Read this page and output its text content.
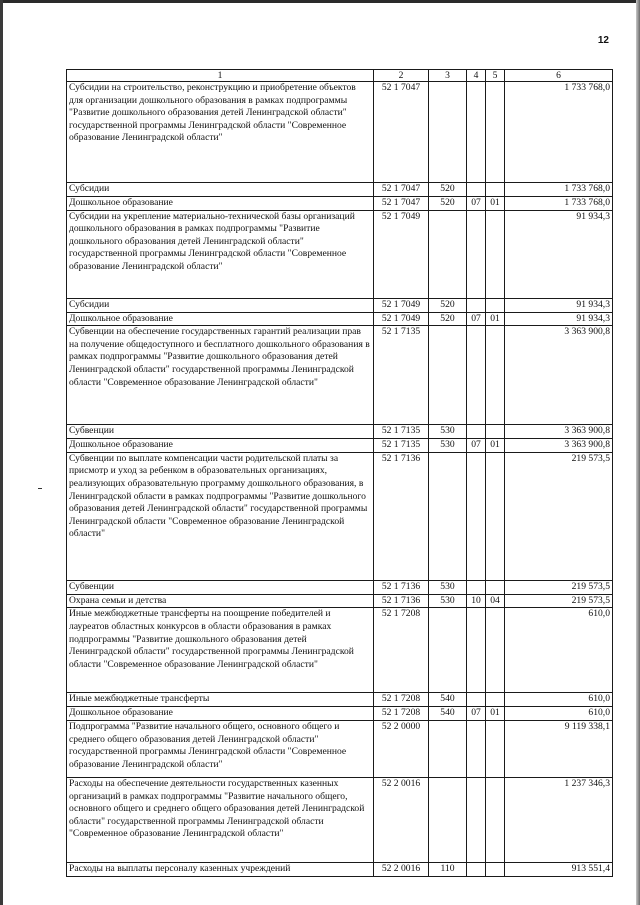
12
1	2	3	4	5	6
Субсидии на строительство, реконструкцию и приобретение объектов для организации дошкольного образования в рамках подпрограммы "Развитие дошкольного образования детей Ленинградской области" государственной программы Ленинградской области "Современное образование Ленинградской области"	52 1 7047				1 733 768,0
Субсидии	52 1 7047	520			1 733 768,0
Дошкольное образование	52 1 7047	520	07	01	1 733 768,0
Субсидии на укрепление материально-технической базы организаций дошкольного образования в рамках подпрограммы "Развитие дошкольного образования детей Ленинградской области" государственной программы Ленинградской области "Современное образование Ленинградской области"	52 1 7049				91 934,3
Субсидии	52 1 7049	520			91 934,3
Дошкольное образование	52 1 7049	520	07	01	91 934,3
Субвенции на обеспечение государственных гарантий реализации прав на получение общедоступного и бесплатного дошкольного образования в рамках подпрограммы "Развитие дошкольного образования детей Ленинградской области" государственной программы Ленинградской области "Современное образование Ленинградской области"	52 1 7135				3 363 900,8
Субвенции	52 1 7135	530			3 363 900,8
Дошкольное образование	52 1 7135	530	07	01	3 363 900,8
Субвенции по выплате компенсации части родительской платы за присмотр и уход за ребенком в образовательных организациях, реализующих образовательную программу дошкольного образования, в Ленинградской области в рамках подпрограммы "Развитие дошкольного образования детей Ленинградской области" государственной программы Ленинградской области "Современное образование Ленинградской области"	52 1 7136				219 573,5
Субвенции	52 1 7136	530			219 573,5
Охрана семьи и детства	52 1 7136	530	10	04	219 573,5
Иные межбюджетные трансферты на поощрение победителей и лауреатов областных конкурсов в области образования в рамках подпрограммы "Развитие дошкольного образования детей Ленинградской области" государственной программы Ленинградской области "Современное образование Ленинградской области"	52 1 7208				610,0
Иные межбюджетные трансферты	52 1 7208	540			610,0
Дошкольное образование	52 1 7208	540	07	01	610,0
Подпрограмма "Развитие начального общего, основного общего и среднего общего образования детей Ленинградской области" государственной программы Ленинградской области "Современное образование Ленинградской области"	52 2 0000				9 119 338,1
Расходы на обеспечение деятельности государственных казенных организаций в рамках подпрограммы "Развитие начального общего, основного общего и среднего общего образования детей Ленинградской области" государственной программы Ленинградской области "Современное образование Ленинградской области"	52 2 0016				1 237 346,3
Расходы на выплаты персоналу казенных учреждений	52 2 0016	110			913 551,4
